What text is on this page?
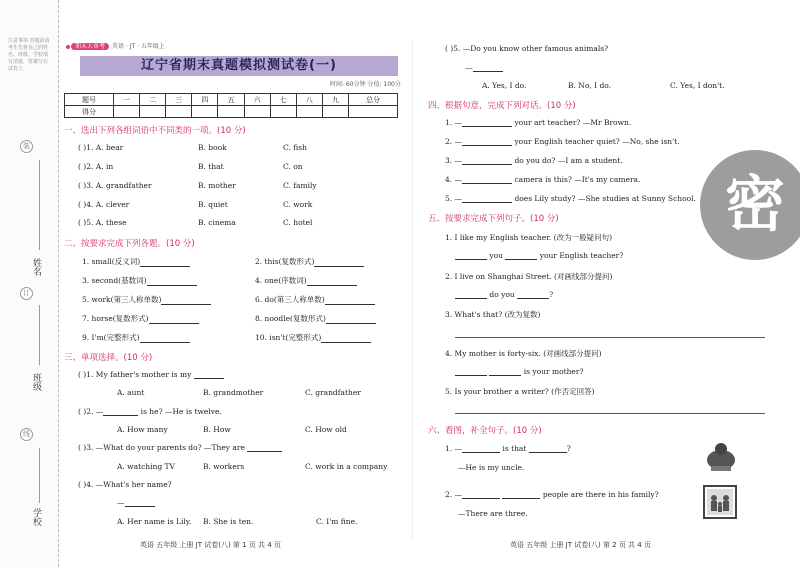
注意事项 答题前请考生先将自己的姓名、班级、学校填写清楚，答案写在试卷上。
装
姓名
订
班级
线
学校
期末大备考 英语 · JT · 五年级上
辽宁省期末真题模拟测试卷(一)
时间: 60分钟 分值: 100分
题号	一	二	三	四	五	六	七	八	九	总分
得分										
一、选出下列各组词语中不同类的一项。(10 分)
( )1. A. bear	B. book	C. fish
( )2. A. in	B. that	C. on
( )3. A. grandfather	B. mother	C. family
( )4. A. clever	B. quiet	C. work
( )5. A. these	B. cinema	C. hotel
二、按要求完成下列各题。(10 分)
1. small(反义词)	2. this(复数形式)
3. second(基数词)	4. one(序数词)
5. work(第三人称单数)	6. do(第三人称单数)
7. horse(复数形式)	8. noodle(复数形式)
9. I'm(完整形式)	10. isn't(完整形式)
三、单项选择。(10 分)
( )1. My father's mother is my
A. aunt	B. grandmother	C. grandfather
( )2. —	is he? —He is twelve.
A. How many	B. How	C. How old
( )3. —What do your parents do? —They are
A. watching TV	B. workers	C. work in a company
( )4. —What's her name?
—
A. Her name is Lily. B. She is ten.	C. I'm fine.
英语 五年级 上册 JT 试卷(八) 第 1 页 共 4 页
( )5. —Do you know other famous animals?
—
A. Yes, I do.	B. No, I do.	C. Yes, I don't.
四、根据句意，完成下列对话。(10 分)
1. —	your art teacher? —Mr Brown.
2. —	your English teacher quiet? —No, she isn't.
3. —	do you do? —I am a student.
4. —	camera is this? —It's my camera.
5. —	does Lily study? —She studies at Sunny School.
五、按要求完成下列句子。(10 分)
1. I like my English teacher. (改为一般疑问句)
you	your English teacher?
2. I live on Shanghai Street. (对画线部分提问)
do you	?
3. What's that? (改为复数)
4. My mother is forty-six. (对画线部分提问)
is your mother?
5. Is your brother a writer? (作否定回答)
六、看图，补全句子。(10 分)
1. —	is that	?
—He is my uncle.
2. —	people are there in his family?
—There are three.
密
英语 五年级 上册 JT 试卷(八) 第 2 页 共 4 页
